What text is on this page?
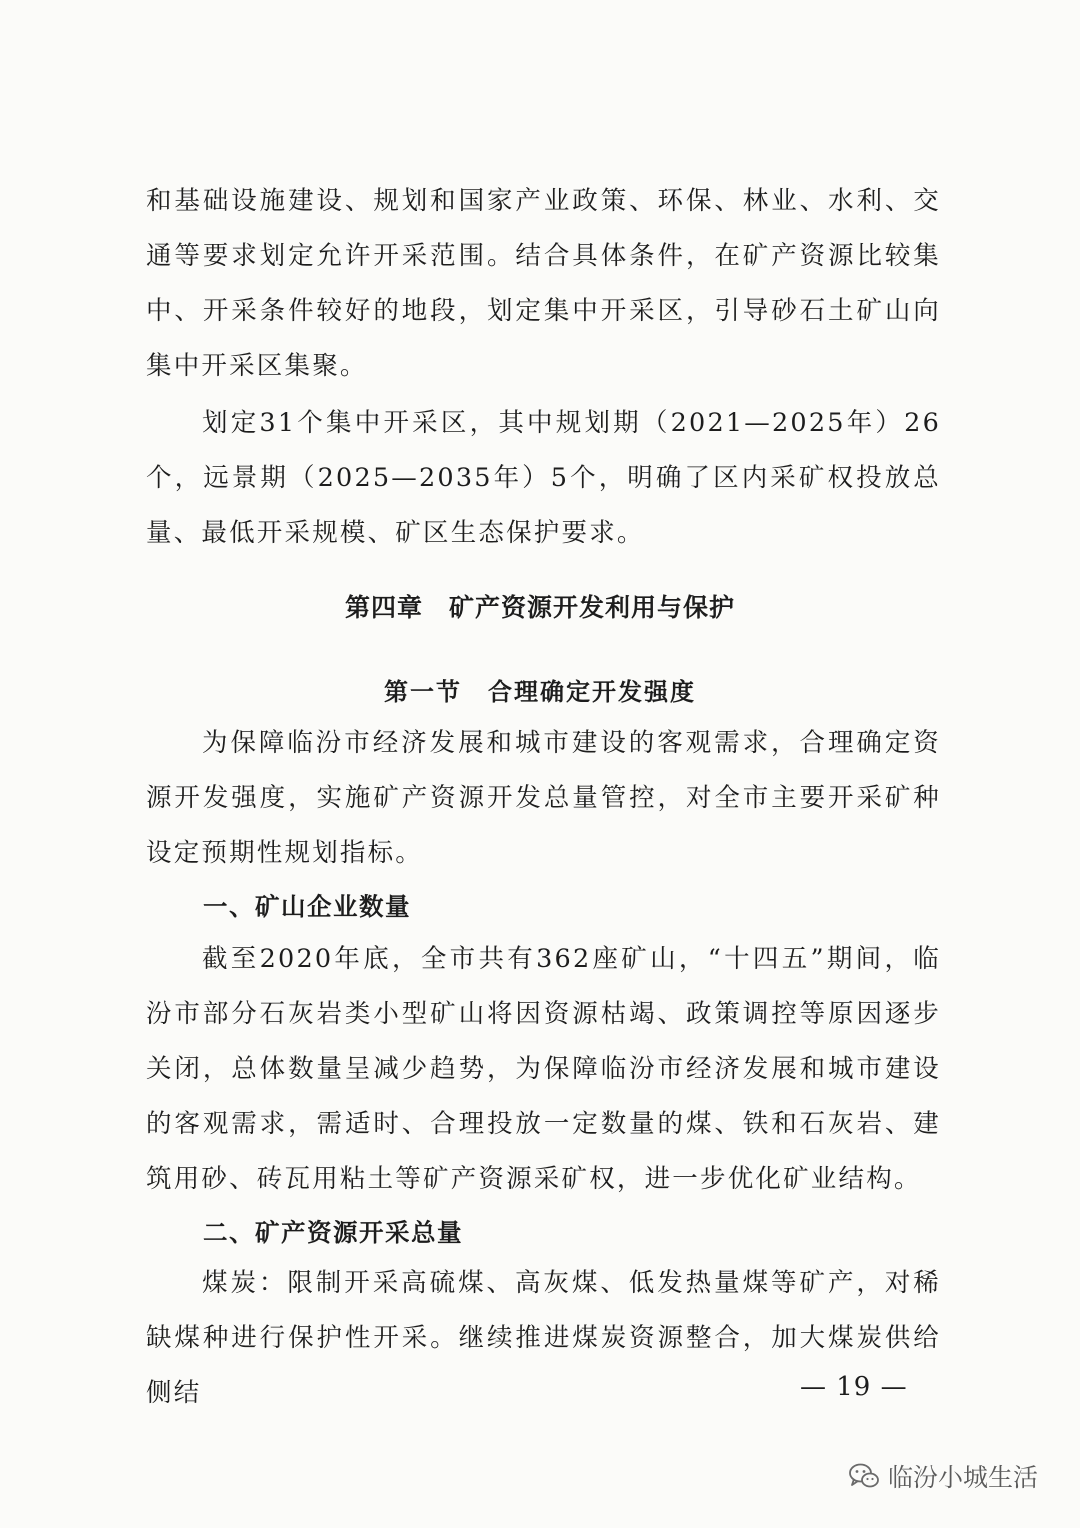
和基础设施建设、规划和国家产业政策、环保、林业、水利、交通等要求划定允许开采范围。结合具体条件，在矿产资源比较集中、开采条件较好的地段，划定集中开采区，引导砂石土矿山向集中开采区集聚。

划定31个集中开采区，其中规划期（2021—2025年）26个，远景期（2025—2035年）5个，明确了区内采矿权投放总量、最低开采规模、矿区生态保护要求。

第四章　矿产资源开发利用与保护
第一节　合理确定开发强度

为保障临汾市经济发展和城市建设的客观需求，合理确定资源开发强度，实施矿产资源开发总量管控，对全市主要开采矿种设定预期性规划指标。

一、矿山企业数量

截至2020年底，全市共有362座矿山，“十四五”期间，临汾市部分石灰岩类小型矿山将因资源枯竭、政策调控等原因逐步关闭，总体数量呈减少趋势，为保障临汾市经济发展和城市建设的客观需求，需适时、合理投放一定数量的煤、铁和石灰岩、建筑用砂、砖瓦用粘土等矿产资源采矿权，进一步优化矿业结构。

二、矿产资源开采总量

煤炭：限制开采高硫煤、高灰煤、低发热量煤等矿产，对稀缺煤种进行保护性开采。继续推进煤炭资源整合，加大煤炭供给侧结	— 19 —
临汾小城生活
